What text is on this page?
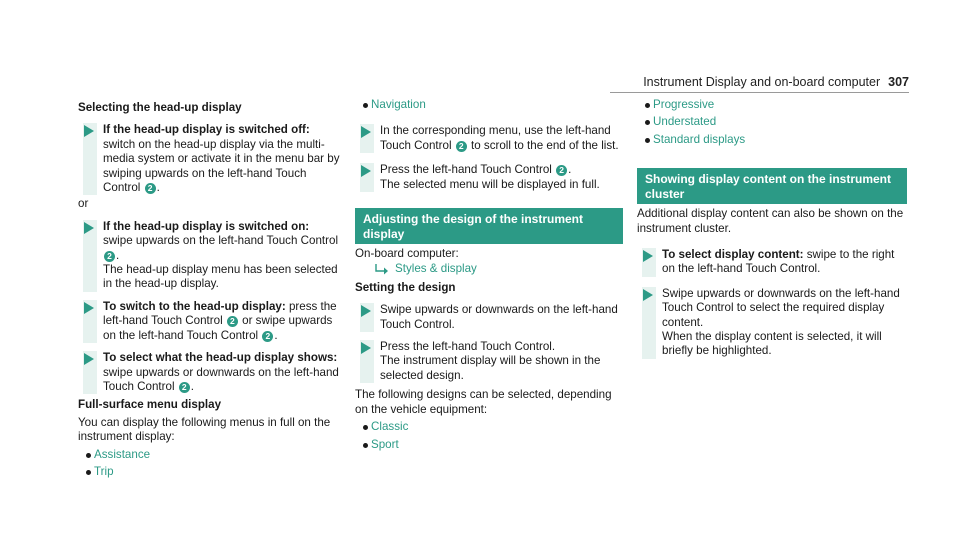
Instrument Display and on-board computer 307

Selecting the head-up display

If the head-up display is switched off:
switch on the head-up display via the multi-media system or activate it in the menu bar by swiping upwards on the left-hand Touch Control 2 .

or

If the head-up display is switched on:
swipe upwards on the left-hand Touch Control 2 .
The head-up display menu has been selected in the head-up display.
To switch to the head-up display: press the left-hand Touch Control 2 or swipe upwards on the left-hand Touch Control 2 .
To select what the head-up display shows: swipe upwards or downwards on the left-hand Touch Control 2 .

Full-surface menu display

You can display the following menus in full on the instrument display:

Assistance
Trip
Navigation
In the corresponding menu, use the left-hand Touch Control 2 to scroll to the end of the list.
Press the left-hand Touch Control 2 .
The selected menu will be displayed in full.
Adjusting the design of the instrument display

On-board computer:

Styles & display

Setting the design

Swipe upwards or downwards on the left-hand Touch Control.
Press the left-hand Touch Control.
The instrument display will be shown in the selected design.

The following designs can be selected, depending on the vehicle equipment:

Classic
Sport
Progressive
Understated
Standard displays
Showing display content on the instrument cluster

Additional display content can also be shown on the instrument cluster.

To select display content: swipe to the right on the left-hand Touch Control.
Swipe upwards or downwards on the left-hand Touch Control to select the required display content.
When the display content is selected, it will briefly be highlighted.
